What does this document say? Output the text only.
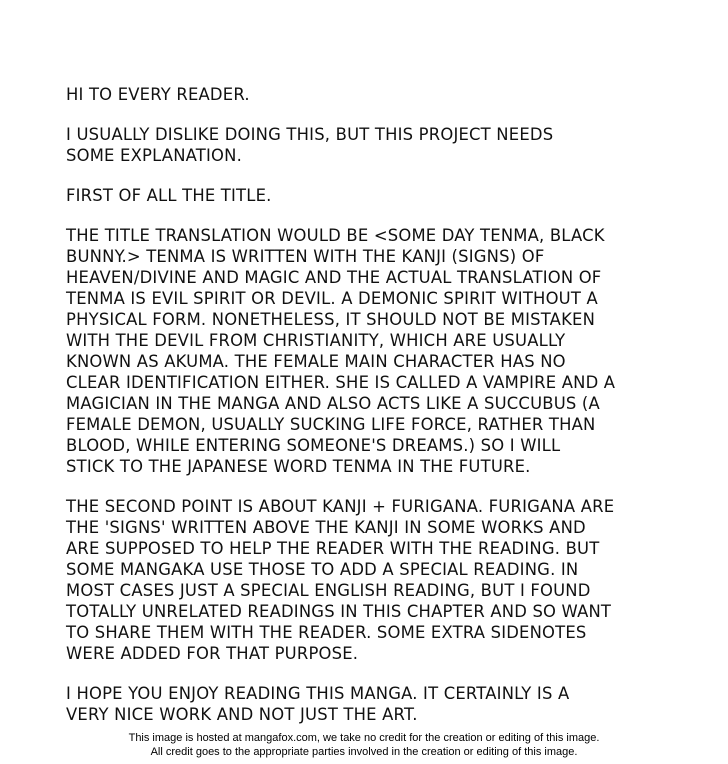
HI TO EVERY READER.

I USUALLY DISLIKE DOING THIS, BUT THIS PROJECT NEEDS
SOME EXPLANATION.

FIRST OF ALL THE TITLE.

THE TITLE TRANSLATION WOULD BE <SOME DAY TENMA, BLACK
BUNNY.> TENMA IS WRITTEN WITH THE KANJI (SIGNS) OF
HEAVEN/DIVINE AND MAGIC AND THE ACTUAL TRANSLATION OF
TENMA IS EVIL SPIRIT OR DEVIL. A DEMONIC SPIRIT WITHOUT A
PHYSICAL FORM. NONETHELESS, IT SHOULD NOT BE MISTAKEN
WITH THE DEVIL FROM CHRISTIANITY, WHICH ARE USUALLY
KNOWN AS AKUMA. THE FEMALE MAIN CHARACTER HAS NO
CLEAR IDENTIFICATION EITHER. SHE IS CALLED A VAMPIRE AND A
MAGICIAN IN THE MANGA AND ALSO ACTS LIKE A SUCCUBUS (A
FEMALE DEMON, USUALLY SUCKING LIFE FORCE, RATHER THAN
BLOOD, WHILE ENTERING SOMEONE'S DREAMS.) SO I WILL
STICK TO THE JAPANESE WORD TENMA IN THE FUTURE.

THE SECOND POINT IS ABOUT KANJI + FURIGANA. FURIGANA ARE
THE 'SIGNS' WRITTEN ABOVE THE KANJI IN SOME WORKS AND
ARE SUPPOSED TO HELP THE READER WITH THE READING. BUT
SOME MANGAKA USE THOSE TO ADD A SPECIAL READING. IN
MOST CASES JUST A SPECIAL ENGLISH READING, BUT I FOUND
TOTALLY UNRELATED READINGS IN THIS CHAPTER AND SO WANT
TO SHARE THEM WITH THE READER. SOME EXTRA SIDENOTES
WERE ADDED FOR THAT PURPOSE.

I HOPE YOU ENJOY READING THIS MANGA. IT CERTAINLY IS A
VERY NICE WORK AND NOT JUST THE ART.

This image is hosted at mangafox.com, we take no credit for the creation or editing of this image.
All credit goes to the appropriate parties involved in the creation or editing of this image.
